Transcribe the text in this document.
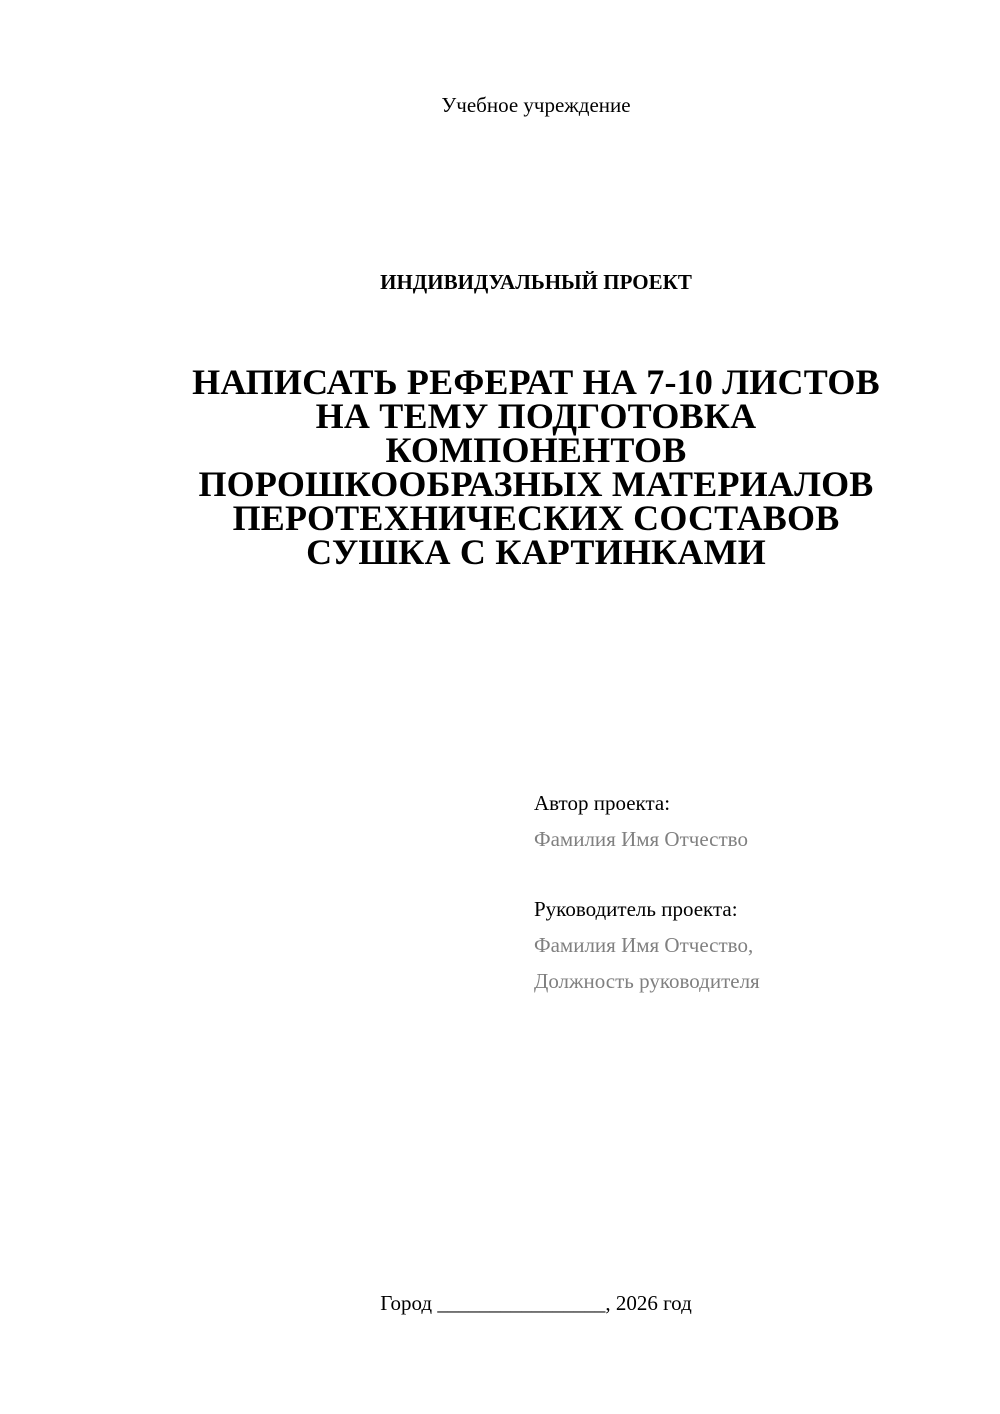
Учебное учреждение
ИНДИВИДУАЛЬНЫЙ ПРОЕКТ
НАПИСАТЬ РЕФЕРАТ НА 7-10 ЛИСТОВ
НА ТЕМУ ПОДГОТОВКА
КОМПОНЕНТОВ
ПОРОШКООБРАЗНЫХ МАТЕРИАЛОВ
ПЕРОТЕХНИЧЕСКИХ СОСТАВОВ
СУШКА С КАРТИНКАМИ
Автор проекта:
Фамилия Имя Отчество
Руководитель проекта:
Фамилия Имя Отчество,
Должность руководителя
Город ________________, 2026 год
